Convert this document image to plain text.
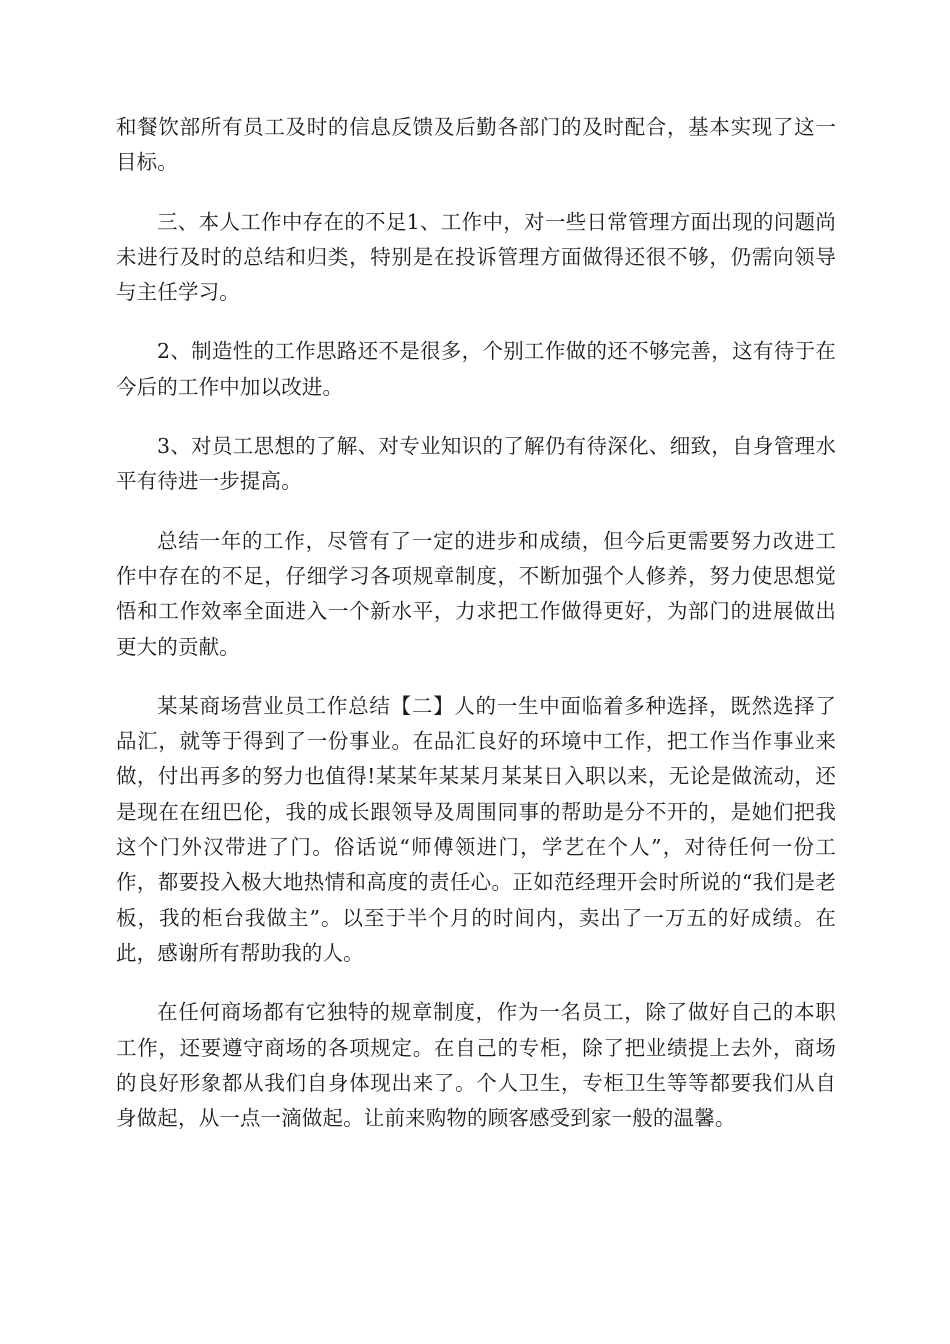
和餐饮部所有员工及时的信息反馈及后勤各部门的及时配合，基本实现了这一目标。

三、本人工作中存在的不足1、工作中，对一些日常管理方面出现的问题尚未进行及时的总结和归类，特别是在投诉管理方面做得还很不够，仍需向领导与主任学习。

2、制造性的工作思路还不是很多，个别工作做的还不够完善，这有待于在今后的工作中加以改进。

3、对员工思想的了解、对专业知识的了解仍有待深化、细致，自身管理水平有待进一步提高。

总结一年的工作，尽管有了一定的进步和成绩，但今后更需要努力改进工作中存在的不足，仔细学习各项规章制度，不断加强个人修养，努力使思想觉悟和工作效率全面进入一个新水平，力求把工作做得更好，为部门的进展做出更大的贡献。

某某商场营业员工作总结【二】人的一生中面临着多种选择，既然选择了品汇，就等于得到了一份事业。在品汇良好的环境中工作，把工作当作事业来做，付出再多的努力也值得!某某年某某月某某日入职以来，无论是做流动，还是现在在纽巴伦，我的成长跟领导及周围同事的帮助是分不开的，是她们把我这个门外汉带进了门。俗话说“师傅领进门，学艺在个人”，对待任何一份工作，都要投入极大地热情和高度的责任心。正如范经理开会时所说的“我们是老板，我的柜台我做主”。以至于半个月的时间内，卖出了一万五的好成绩。在此，感谢所有帮助我的人。

在任何商场都有它独特的规章制度，作为一名员工，除了做好自己的本职工作，还要遵守商场的各项规定。在自己的专柜，除了把业绩提上去外，商场的良好形象都从我们自身体现出来了。个人卫生，专柜卫生等等都要我们从自身做起，从一点一滴做起。让前来购物的顾客感受到家一般的温馨。
